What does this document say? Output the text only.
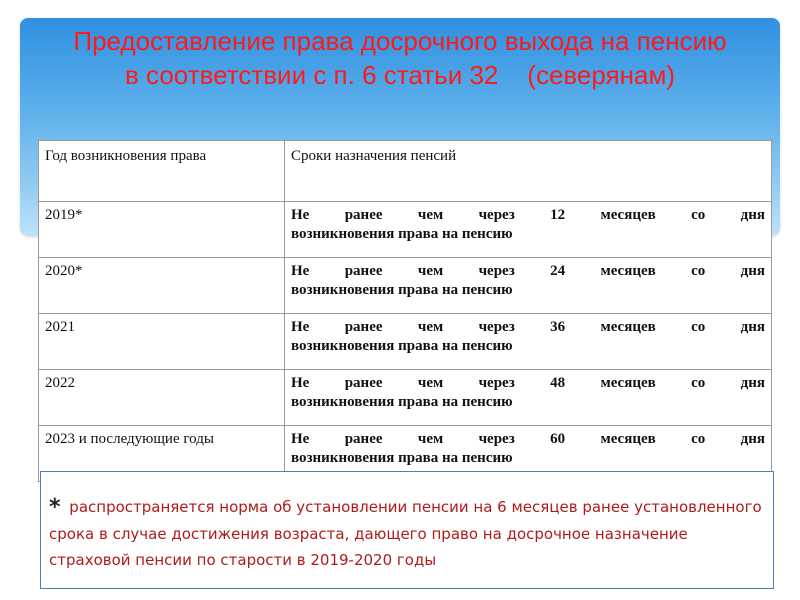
Предоставление права досрочного выхода на пенсию
в соответствии с п. 6 статьи 32    (северянам)
Год возникновения права	Сроки назначения пенсий
2019*	Не ранее чем через 12 месяцев со дня
возникновения права на пенсию
2020*	Не ранее чем через 24 месяцев со дня
возникновения права на пенсию
2021	Не ранее чем через 36 месяцев со дня
возникновения права на пенсию
2022	Не ранее чем через 48 месяцев со дня
возникновения права на пенсию
2023 и последующие годы	Не ранее чем через 60 месяцев со дня
возникновения права на пенсию
* распространяется норма об установлении пенсии на 6 месяцев ранее установленного срока в случае достижения возраста, дающего право на досрочное назначение страховой пенсии по старости в 2019-2020 годы
